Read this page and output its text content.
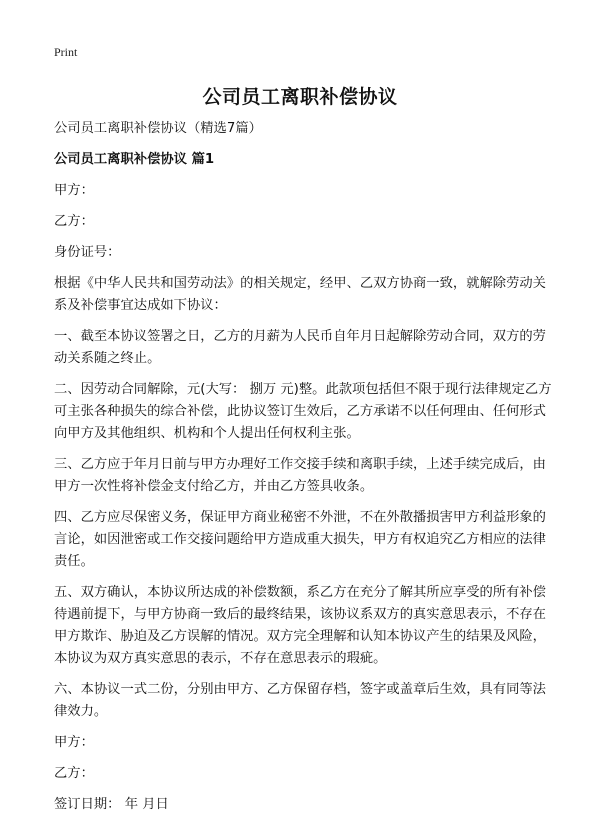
Print
公司员工离职补偿协议

公司员工离职补偿协议（精选7篇）

公司员工离职补偿协议 篇1

甲方：

乙方：

身份证号：

根据《中华人民共和国劳动法》的相关规定，经甲、乙双方协商一致，就解除劳动关系及补偿事宜达成如下协议：

一、截至本协议签署之日，乙方的月薪为人民币自年月日起解除劳动合同，双方的劳动关系随之终止。

二、因劳动合同解除，元(大写： 捌万 元)整。此款项包括但不限于现行法律规定乙方可主张各种损失的综合补偿，此协议签订生效后，乙方承诺不以任何理由、任何形式向甲方及其他组织、机构和个人提出任何权利主张。

三、乙方应于年月日前与甲方办理好工作交接手续和离职手续，上述手续完成后，由甲方一次性将补偿金支付给乙方，并由乙方签具收条。

四、乙方应尽保密义务，保证甲方商业秘密不外泄，不在外散播损害甲方利益形象的言论，如因泄密或工作交接问题给甲方造成重大损失，甲方有权追究乙方相应的法律责任。

五、双方确认，本协议所达成的补偿数额，系乙方在充分了解其所应享受的所有补偿待遇前提下，与甲方协商一致后的最终结果，该协议系双方的真实意思表示，不存在甲方欺诈、胁迫及乙方误解的情况。双方完全理解和认知本协议产生的结果及风险，本协议为双方真实意思的表示，不存在意思表示的瑕疵。

六、本协议一式二份，分别由甲方、乙方保留存档，签字或盖章后生效，具有同等法律效力。

甲方：

乙方：

签订日期： 年 月日
